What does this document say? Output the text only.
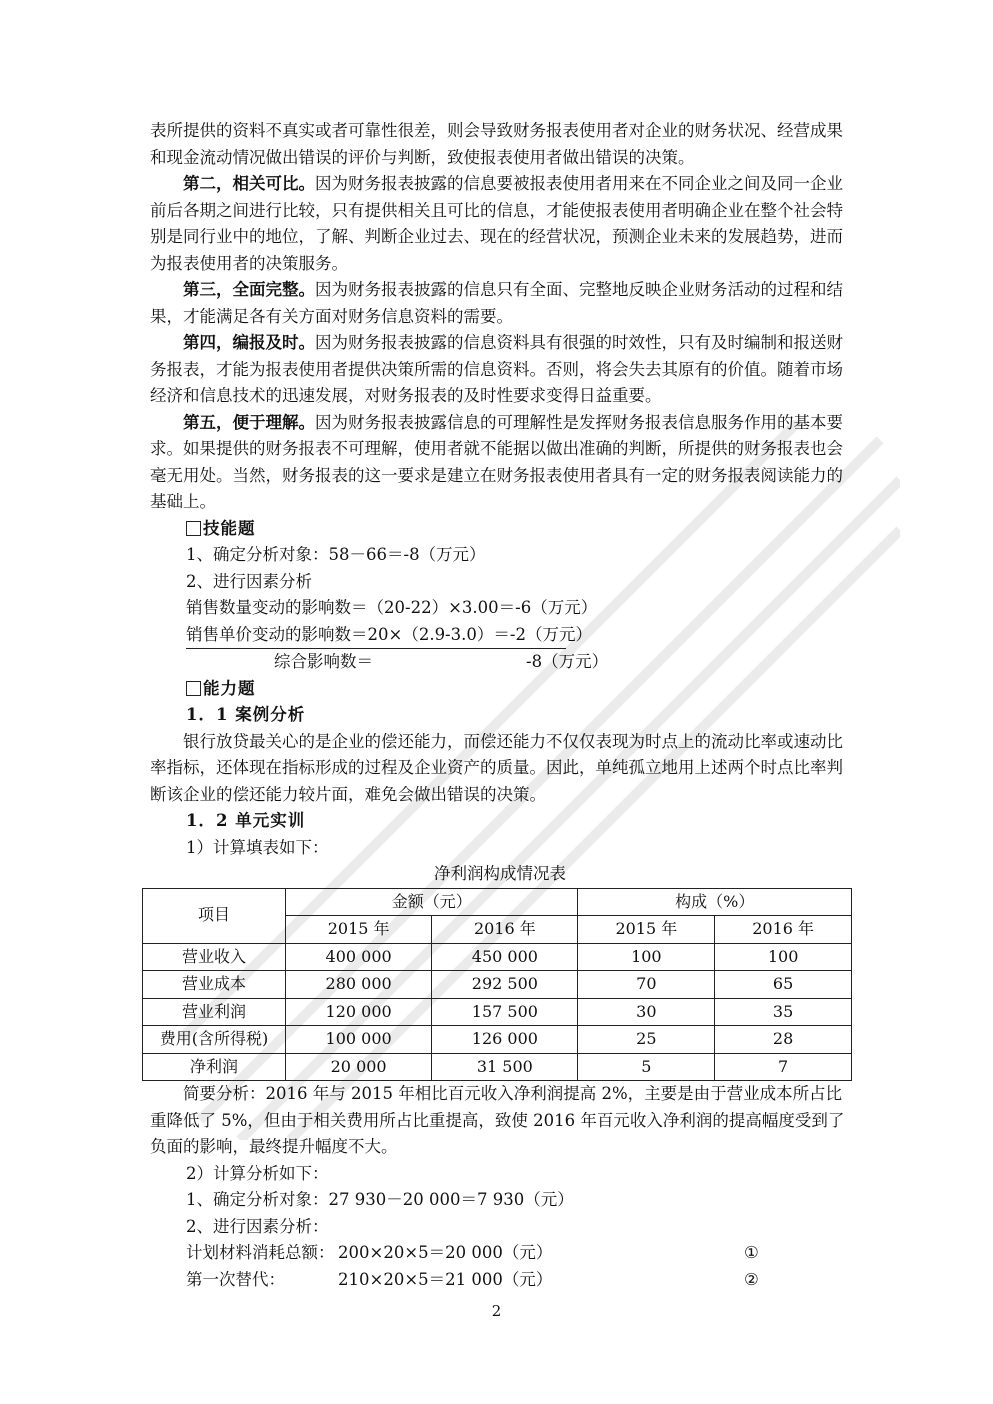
表所提供的资料不真实或者可靠性很差，则会导致财务报表使用者对企业的财务状况、经营成果和现金流动情况做出错误的评价与判断，致使报表使用者做出错误的决策。

第二，相关可比。因为财务报表披露的信息要被报表使用者用来在不同企业之间及同一企业前后各期之间进行比较，只有提供相关且可比的信息，才能使报表使用者明确企业在整个社会特别是同行业中的地位，了解、判断企业过去、现在的经营状况，预测企业未来的发展趋势，进而为报表使用者的决策服务。

第三，全面完整。因为财务报表披露的信息只有全面、完整地反映企业财务活动的过程和结果，才能满足各有关方面对财务信息资料的需要。

第四，编报及时。因为财务报表披露的信息资料具有很强的时效性，只有及时编制和报送财务报表，才能为报表使用者提供决策所需的信息资料。否则，将会失去其原有的价值。随着市场经济和信息技术的迅速发展，对财务报表的及时性要求变得日益重要。

第五，便于理解。因为财务报表披露信息的可理解性是发挥财务报表信息服务作用的基本要求。如果提供的财务报表不可理解，使用者就不能据以做出准确的判断，所提供的财务报表也会毫无用处。当然，财务报表的这一要求是建立在财务报表使用者具有一定的财务报表阅读能力的基础上。

技能题

1、确定分析对象：58－66＝-8（万元）

2、进行因素分析

销售数量变动的影响数＝（20-22）×3.00＝-6（万元）

销售单价变动的影响数＝20×（2.9-3.0）＝-2（万元）

综合影响数＝	-8（万元）

能力题

1．1 案例分析

银行放贷最关心的是企业的偿还能力，而偿还能力不仅仅表现为时点上的流动比率或速动比率指标，还体现在指标形成的过程及企业资产的质量。因此，单纯孤立地用上述两个时点比率判断该企业的偿还能力较片面，难免会做出错误的决策。

1．2 单元实训

1）计算填表如下：

净利润构成情况表

项目	金额（元）		构成（%）	
	2015 年	2016 年	2015 年	2016 年
营业收入	400 000	450 000	100	100
营业成本	280 000	292 500	70	65
营业利润	120 000	157 500	30	35
费用(含所得税)	100 000	126 000	25	28
净利润	20 000	31 500	5	7

简要分析：2016 年与 2015 年相比百元收入净利润提高 2%，主要是由于营业成本所占比重降低了 5%，但由于相关费用所占比重提高，致使 2016 年百元收入净利润的提高幅度受到了负面的影响，最终提升幅度不大。

2）计算分析如下：

1、确定分析对象：27 930－20 000＝7 930（元）

2、进行因素分析：

计划材料消耗总额： 200×20×5＝20 000（元）	①
第一次替代：	210×20×5＝21 000（元）	②
2
